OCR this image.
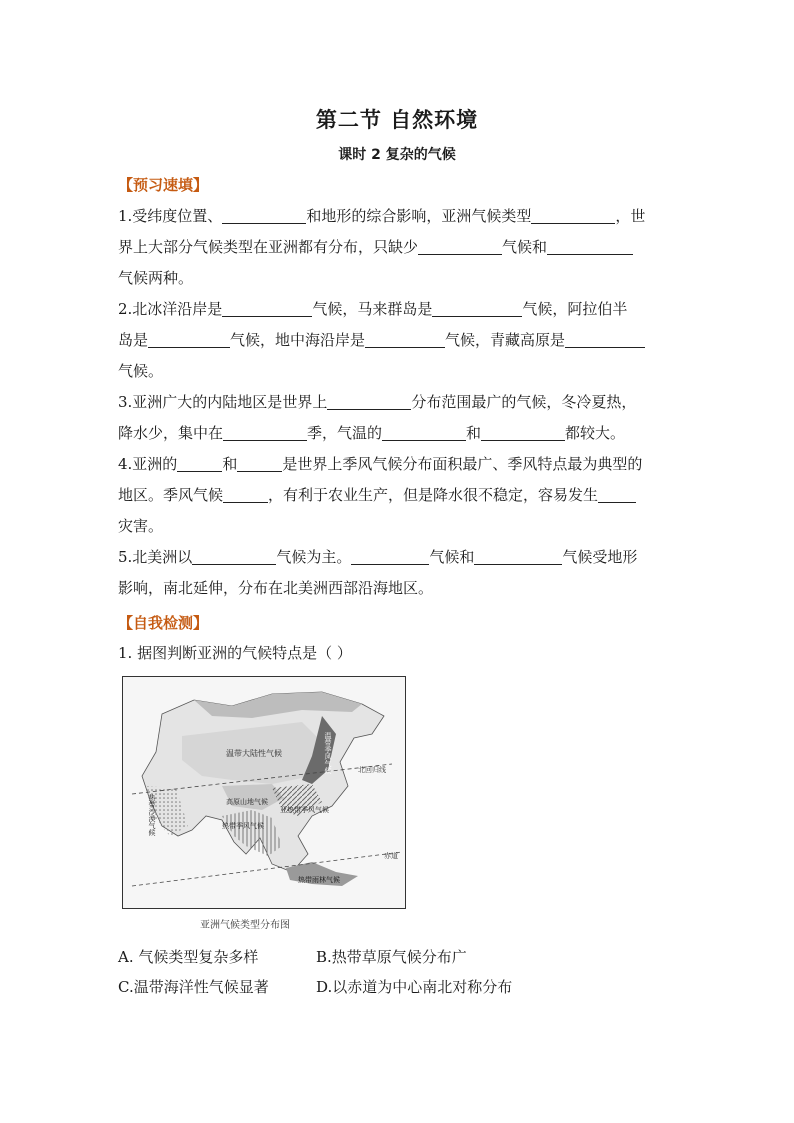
第二节 自然环境
课时 2 复杂的气候
【预习速填】
1.受纬度位置、	和地形的综合影响，亚洲气候类型	，世
界上大部分气候类型在亚洲都有分布，只缺少	气候和
气候两种。
2.北冰洋沿岸是	气候，马来群岛是	气候，阿拉伯半
岛是	气候，地中海沿岸是	气候，青藏高原是
气候。
3.亚洲广大的内陆地区是世界上	分布范围最广的气候，冬冷夏热，
降水少，集中在	季，气温的	和	都较大。
4.亚洲的	和	是世界上季风气候分布面积最广、季风特点最为典型的
地区。季风气候	，有利于农业生产，但是降水很不稳定，容易发生
灾害。
5.北美洲以	气候为主。	气候和	气候受地形
影响，南北延伸，分布在北美洲西部沿海地区。
【自我检测】
1. 据图判断亚洲的气候特点是（ ）
温带大陆性气候
高原山地气候
亚热带季风气候
热带季风气候
热带沙漠气候
温带季风气候
热带雨林气候
北回归线
赤道
亚洲气候类型分布图
A. 气候类型复杂多样	B.热带草原气候分布广
C.温带海洋性气候显著	D.以赤道为中心南北对称分布
